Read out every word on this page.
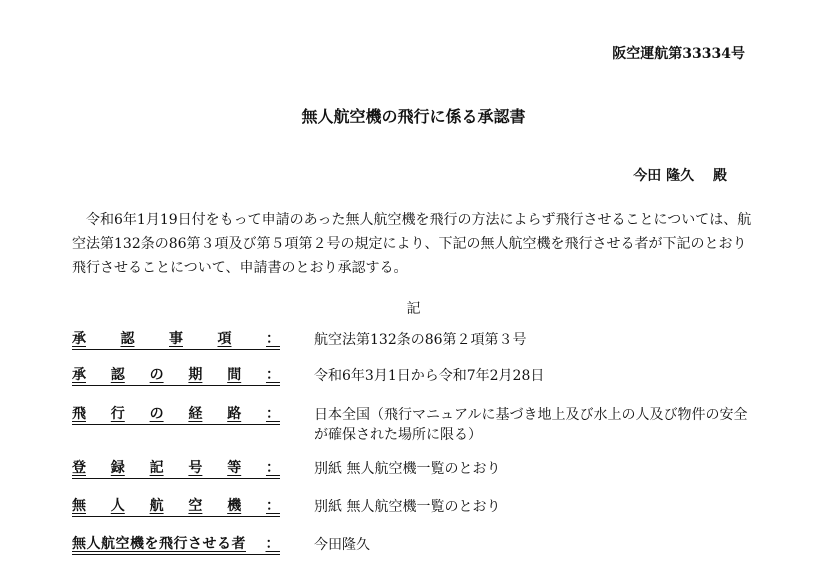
阪空運航第33334号
無人航空機の飛行に係る承認書
今田 隆久　 殿
令和6年1月19日付をもって申請のあった無人航空機を飛行の方法によらず飛行させることについては、航空法第132条の86第３項及び第５項第２号の規定により、下記の無人航空機を飛行させる者が下記のとおり飛行させることについて、申請書のとおり承認する。
記
承 認 事 項 ： 航空法第132条の86第２項第３号
承 認 の 期 間 ： 令和6年3月1日から令和7年2月28日
飛 行 の 経 路 ： 日本全国（飛行マニュアルに基づき地上及び水上の人及び物件の安全が確保された場所に限る）
登 録 記 号 等 ： 別紙 無人航空機一覧のとおり
無 人 航 空 機 ： 別紙 無人航空機一覧のとおり
無人航空機を飛行させる者 ： 今田隆久
